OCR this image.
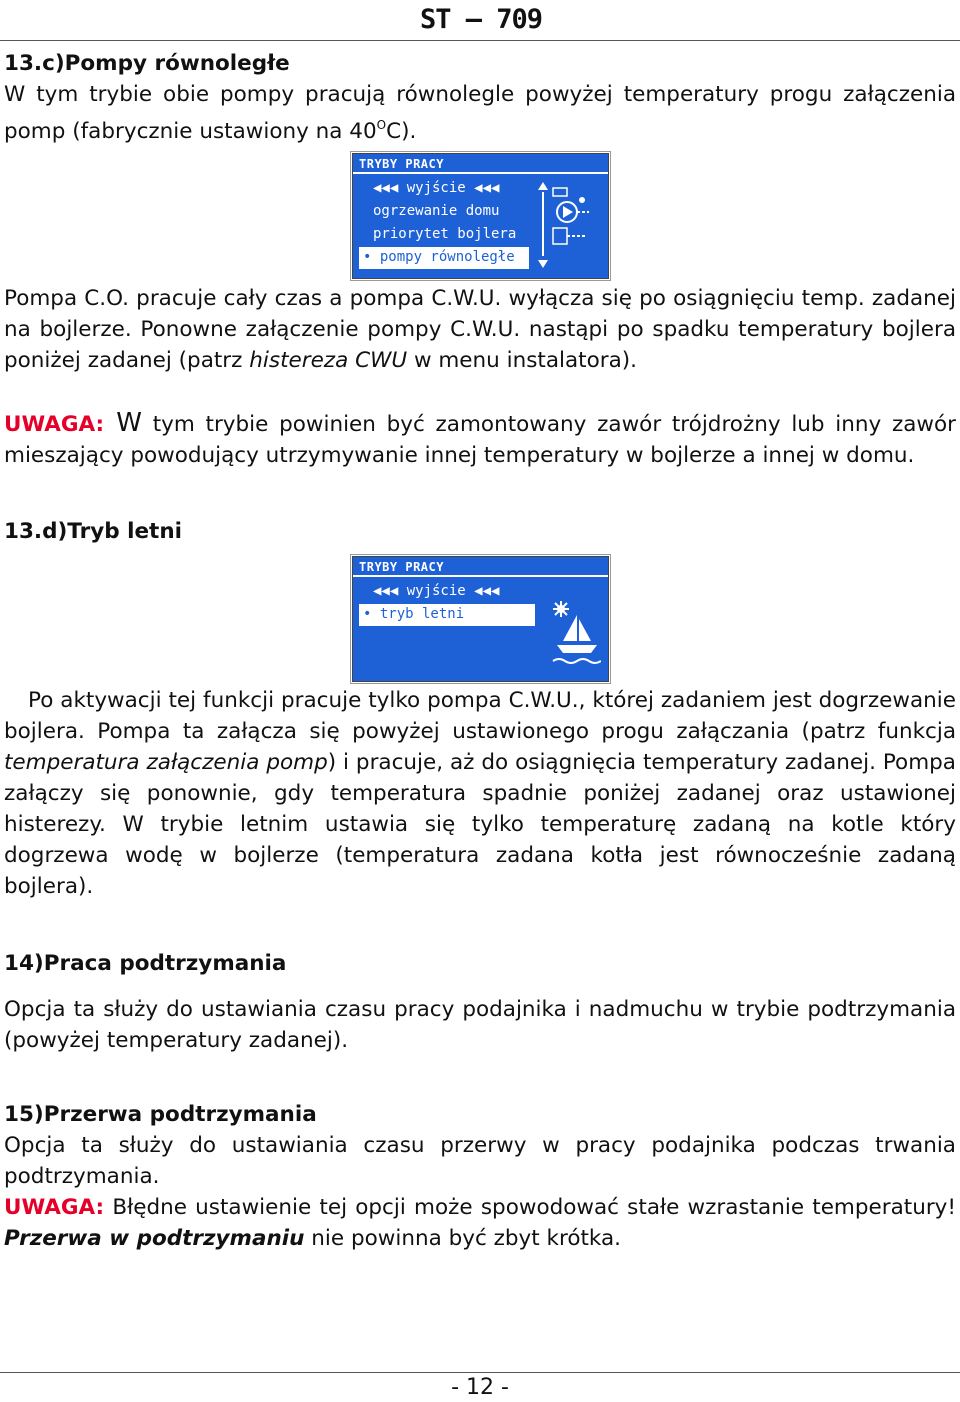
ST – 709
13.c)Pompy równoległe

W tym trybie obie pompy pracują równolegle powyżej temperatury progu załączenia pomp (fabrycznie ustawiony na $40^OC$).

TRYBY PRACY
◀◀◀ wyjście ◀◀◀
ogrzewanie domu
priorytet bojlera
• pompy równoległe

Pompa C.O. pracuje cały czas a pompa C.W.U. wyłącza się po osiągnięciu temp. zadanej na bojlerze. Ponowne załączenie pompy C.W.U. nastąpi po spadku temperatury bojlera poniżej zadanej (patrz histereza CWU w menu instalatora).

UWAGA: W tym trybie powinien być zamontowany zawór trójdrożny lub inny zawór mieszający powodujący utrzymywanie innej temperatury w bojlerze a innej w domu.

13.d)Tryb letni
TRYBY PRACY
◀◀◀ wyjście ◀◀◀
• tryb letni

Po aktywacji tej funkcji pracuje tylko pompa C.W.U., której zadaniem jest dogrzewanie bojlera. Pompa ta załącza się powyżej ustawionego progu załączania (patrz funkcja temperatura załączenia pomp) i pracuje, aż do osiągnięcia temperatury zadanej. Pompa załączy się ponownie, gdy temperatura spadnie poniżej zadanej oraz ustawionej histerezy. W trybie letnim ustawia się tylko temperaturę zadaną na kotle który dogrzewa wodę w bojlerze (temperatura zadana kotła jest równocześnie zadaną bojlera).

14)Praca podtrzymania

Opcja ta służy do ustawiania czasu pracy podajnika i nadmuchu w trybie podtrzymania (powyżej temperatury zadanej).

15)Przerwa podtrzymania

Opcja ta służy do ustawiania czasu przerwy w pracy podajnika podczas trwania podtrzymania.

UWAGA: Błędne ustawienie tej opcji może spowodować stałe wzrastanie temperatury! Przerwa w podtrzymaniu nie powinna być zbyt krótka.

- 12 -
